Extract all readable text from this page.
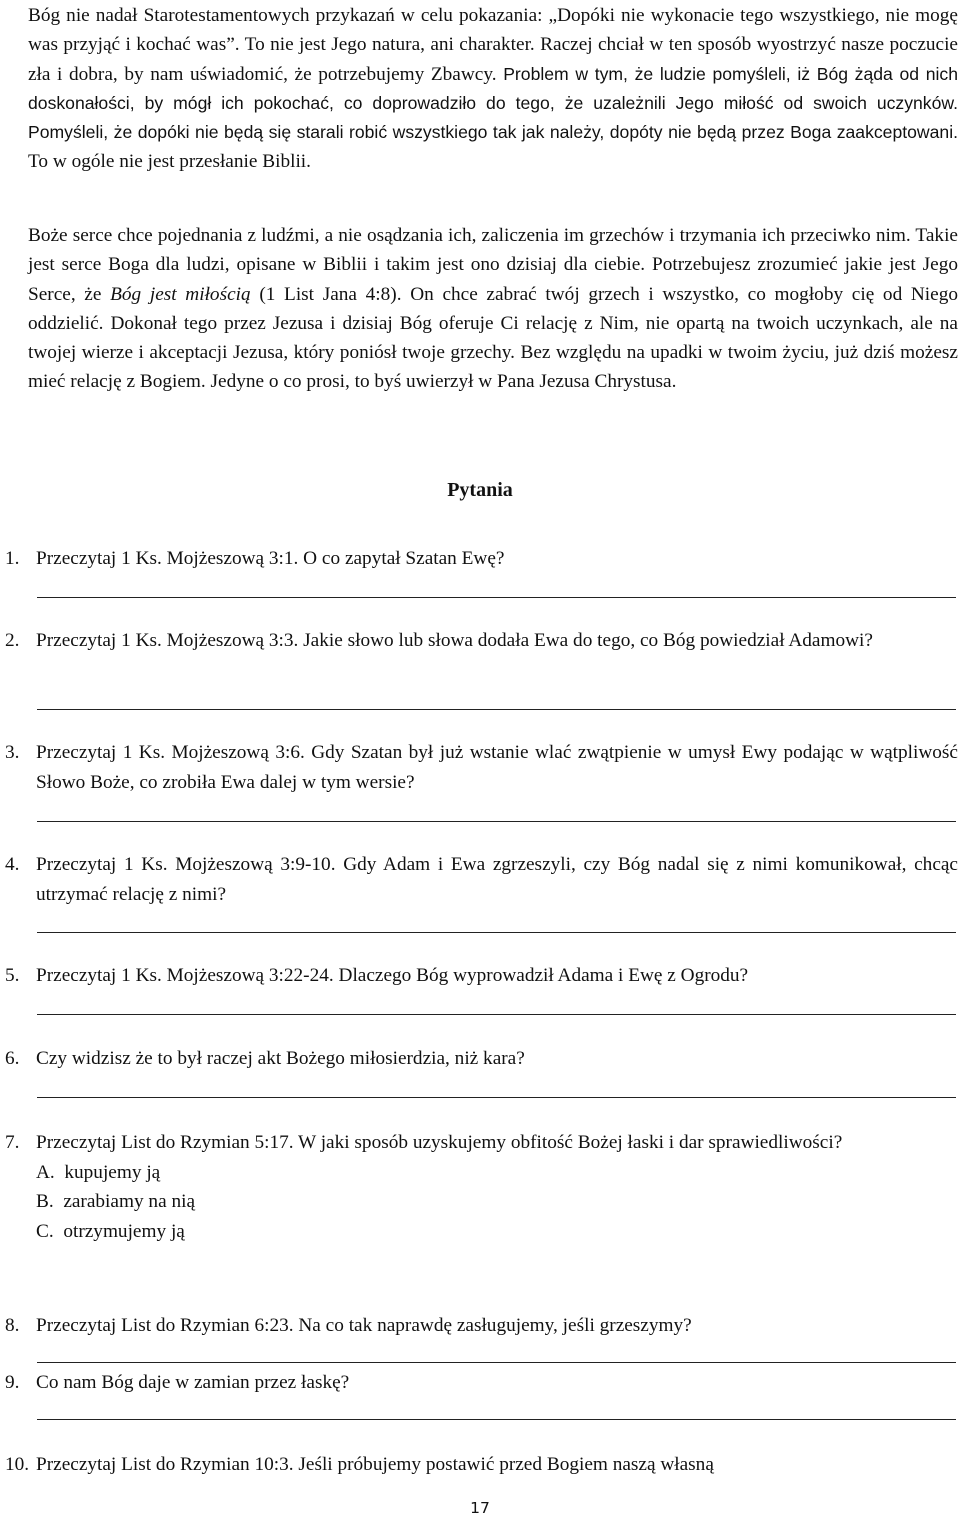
Bóg nie nadał Starotestamentowych przykazań w celu pokazania: „Dopóki nie wykonacie tego wszystkiego, nie mogę was przyjąć i kochać was”. To nie jest Jego natura, ani charakter. Raczej chciał w ten sposób wyostrzyć nasze poczucie zła i dobra, by nam uświadomić, że potrzebujemy Zbawcy. Problem w tym, że ludzie pomyśleli, iż Bóg żąda od nich doskonałości, by mógł ich pokochać, co doprowadziło do tego, że uzależnili Jego miłość od swoich uczynków. Pomyśleli, że dopóki nie będą się starali robić wszystkiego tak jak należy, dopóty nie będą przez Boga zaakceptowani. To w ogóle nie jest przesłanie Biblii.

Boże serce chce pojednania z ludźmi, a nie osądzania ich, zaliczenia im grzechów i trzymania ich przeciwko nim. Takie jest serce Boga dla ludzi, opisane w Biblii i takim jest ono dzisiaj dla ciebie. Potrzebujesz zrozumieć jakie jest Jego Serce, że Bóg jest miłością (1 List Jana 4:8). On chce zabrać twój grzech i wszystko, co mogłoby cię od Niego oddzielić. Dokonał tego przez Jezusa i dzisiaj Bóg oferuje Ci relację z Nim, nie opartą na twoich uczynkach, ale na twojej wierze i akceptacji Jezusa, który poniósł twoje grzechy. Bez względu na upadki w twoim życiu, już dziś możesz mieć relację z Bogiem. Jedyne o co prosi, to byś uwierzył w Pana Jezusa Chrystusa.

Pytania
1. Przeczytaj 1 Ks. Mojżeszową 3:1. O co zapytał Szatan Ewę?
2. Przeczytaj 1 Ks. Mojżeszową 3:3. Jakie słowo lub słowa dodała Ewa do tego, co Bóg powiedział Adamowi?
3. Przeczytaj 1 Ks. Mojżeszową 3:6. Gdy Szatan był już wstanie wlać zwątpienie w umysł Ewy podając w wątpliwość Słowo Boże, co zrobiła Ewa dalej w tym wersie?
4. Przeczytaj 1 Ks. Mojżeszową 3:9-10. Gdy Adam i Ewa zgrzeszyli, czy Bóg nadal się z nimi komunikował, chcąc utrzymać relację z nimi?
5. Przeczytaj 1 Ks. Mojżeszową 3:22-24. Dlaczego Bóg wyprowadził Adama i Ewę z Ogrodu?
6. Czy widzisz że to był raczej akt Bożego miłosierdzia, niż kara?
7. Przeczytaj List do Rzymian 5:17. W jaki sposób uzyskujemy obfitość Bożej łaski i dar sprawiedliwości?
A.  kupujemy ją
B.  zarabiamy na nią
C.  otrzymujemy ją
8. Przeczytaj List do Rzymian 6:23. Na co tak naprawdę zasługujemy, jeśli grzeszymy?
9. Co nam Bóg daje w zamian przez łaskę?
10. Przeczytaj List do Rzymian 10:3. Jeśli próbujemy postawić przed Bogiem naszą własną
17
